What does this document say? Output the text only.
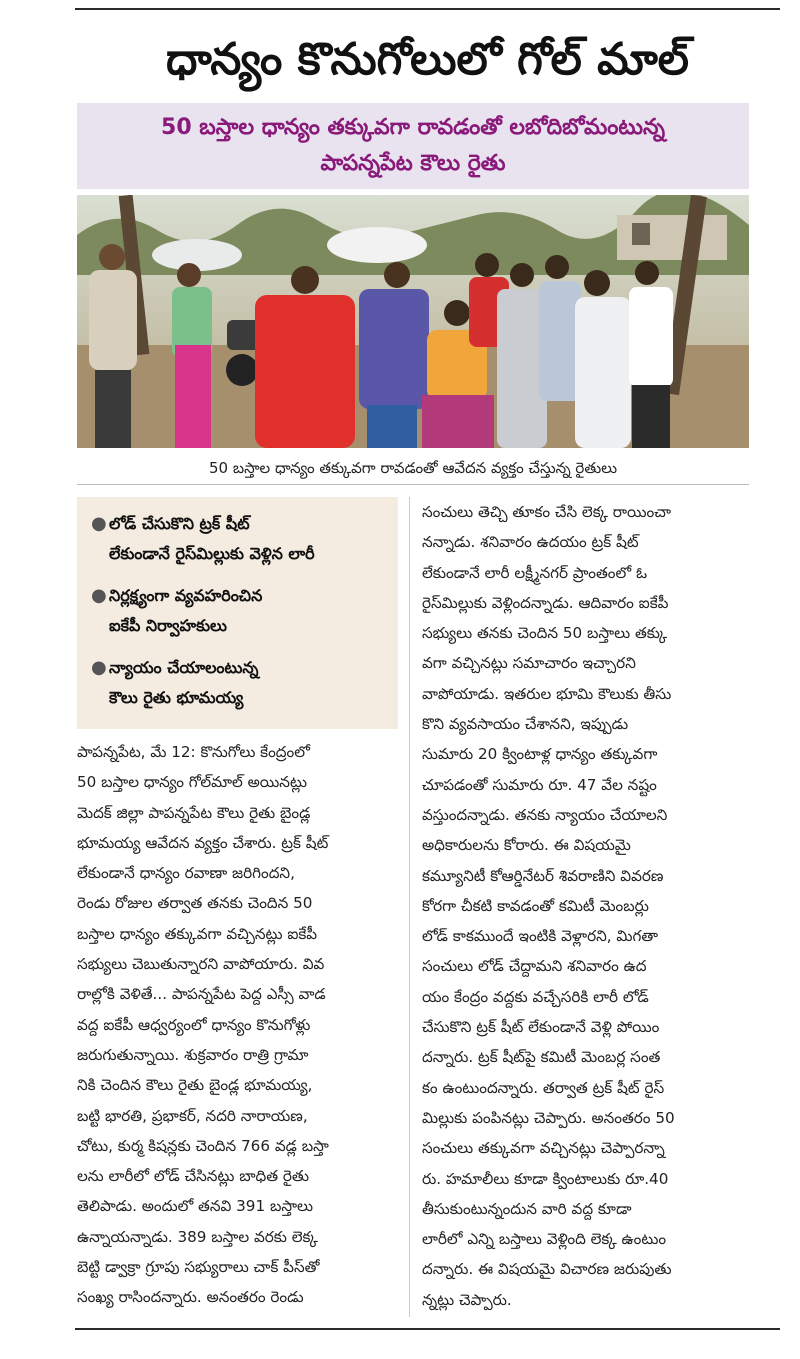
ధాన్యం కొనుగోలులో గోల్ మాల్
50 బస్తాల ధాన్యం తక్కువగా రావడంతో లబోదిబోమంటున్న
పాపన్నపేట కౌలు రైతు
50 బస్తాల ధాన్యం తక్కువగా రావడంతో ఆవేదన వ్యక్తం చేస్తున్న రైతులు
● లోడ్ చేసుకొని ట్రక్ షీట్
లేకుండానే రైస్‌మిల్లుకు వెళ్లిన లారీ
● నిర్లక్ష్యంగా వ్యవహరించిన
ఐకేపీ నిర్వాహకులు
● న్యాయం చేయాలంటున్న
కౌలు రైతు భూమయ్య
పాపన్నపేట, మే 12: కొనుగోలు కేంద్రంలో
50 బస్తాల ధాన్యం గోల్‌మాల్ అయినట్లు
మెదక్ జిల్లా పాపన్నపేట కౌలు రైతు బైండ్ల
భూమయ్య ఆవేదన వ్యక్తం చేశారు. ట్రక్ షీట్
లేకుండానే ధాన్యం రవాణా జరిగిందని,
రెండు రోజుల తర్వాత తనకు చెందిన 50
బస్తాల ధాన్యం తక్కువగా వచ్చినట్లు ఐకేపీ
సభ్యులు చెబుతున్నారని వాపోయారు. వివ
రాల్లోకి వెళితే... పాపన్నపేట పెద్ద ఎస్సీ వాడ
వద్ద ఐకేపీ ఆధ్వర్యంలో ధాన్యం కొనుగోళ్లు
జరుగుతున్నాయి. శుక్రవారం రాత్రి గ్రామా
నికి చెందిన కౌలు రైతు బైండ్ల భూమయ్య,
బట్టి భారతి, ప్రభాకర్, నదరి నారాయణ,
చోటు, కుర్మ కిషన్లకు చెందిన 766 వడ్ల బస్తా
లను లారీలో లోడ్ చేసినట్లు బాధిత రైతు
తెలిపాడు. అందులో తనవి 391 బస్తాలు
ఉన్నాయన్నాడు. 389 బస్తాల వరకు లెక్క
బెట్టి డ్వాక్రా గ్రూపు సభ్యురాలు చాక్ పీస్‌తో
సంఖ్య రాసిందన్నారు. అనంతరం రెండు
సంచులు తెచ్చి తూకం చేసి లెక్క రాయించా
నన్నాడు. శనివారం ఉదయం ట్రక్ షీట్
లేకుండానే లారీ లక్ష్మీనగర్ ప్రాంతంలో ఓ
రైస్‌మిల్లుకు వెళ్లిందన్నాడు. ఆదివారం ఐకేపీ
సభ్యులు తనకు చెందిన 50 బస్తాలు తక్కు
వగా వచ్చినట్లు సమాచారం ఇచ్చారని
వాపోయాడు. ఇతరుల భూమి కౌలుకు తీసు
కొని వ్యవసాయం చేశానని, ఇప్పుడు
సుమారు 20 క్వింటాళ్ల ధాన్యం తక్కువగా
చూపడంతో సుమారు రూ. 47 వేల నష్టం
వస్తుందన్నాడు. తనకు న్యాయం చేయాలని
అధికారులను కోరారు. ఈ విషయమై
కమ్యూనిటీ కోఆర్డినేటర్ శివరాణిని వివరణ
కోరగా చీకటి కావడంతో కమిటీ మెంబర్లు
లోడ్ కాకముందే ఇంటికి వెళ్లారని, మిగతా
సంచులు లోడ్ చేద్దామని శనివారం ఉద
యం కేంద్రం వద్దకు వచ్చేసరికి లారీ లోడ్
చేసుకొని ట్రక్ షీట్ లేకుండానే వెళ్లి పోయిం
దన్నారు. ట్రక్ షీట్‌పై కమిటీ మెంబర్ల సంత
కం ఉంటుందన్నారు. తర్వాత ట్రక్ షీట్ రైస్
మిల్లుకు పంపినట్లు చెప్పారు. అనంతరం 50
సంచులు తక్కువగా వచ్చినట్లు చెప్పారన్నా
రు. హమాలీలు కూడా క్వింటాలుకు రూ.40
తీసుకుంటున్నందున వారి వద్ద కూడా
లారీలో ఎన్ని బస్తాలు వెళ్లింది లెక్క ఉంటుం
దన్నారు. ఈ విషయమై విచారణ జరుపుతు
న్నట్లు చెప్పారు.
